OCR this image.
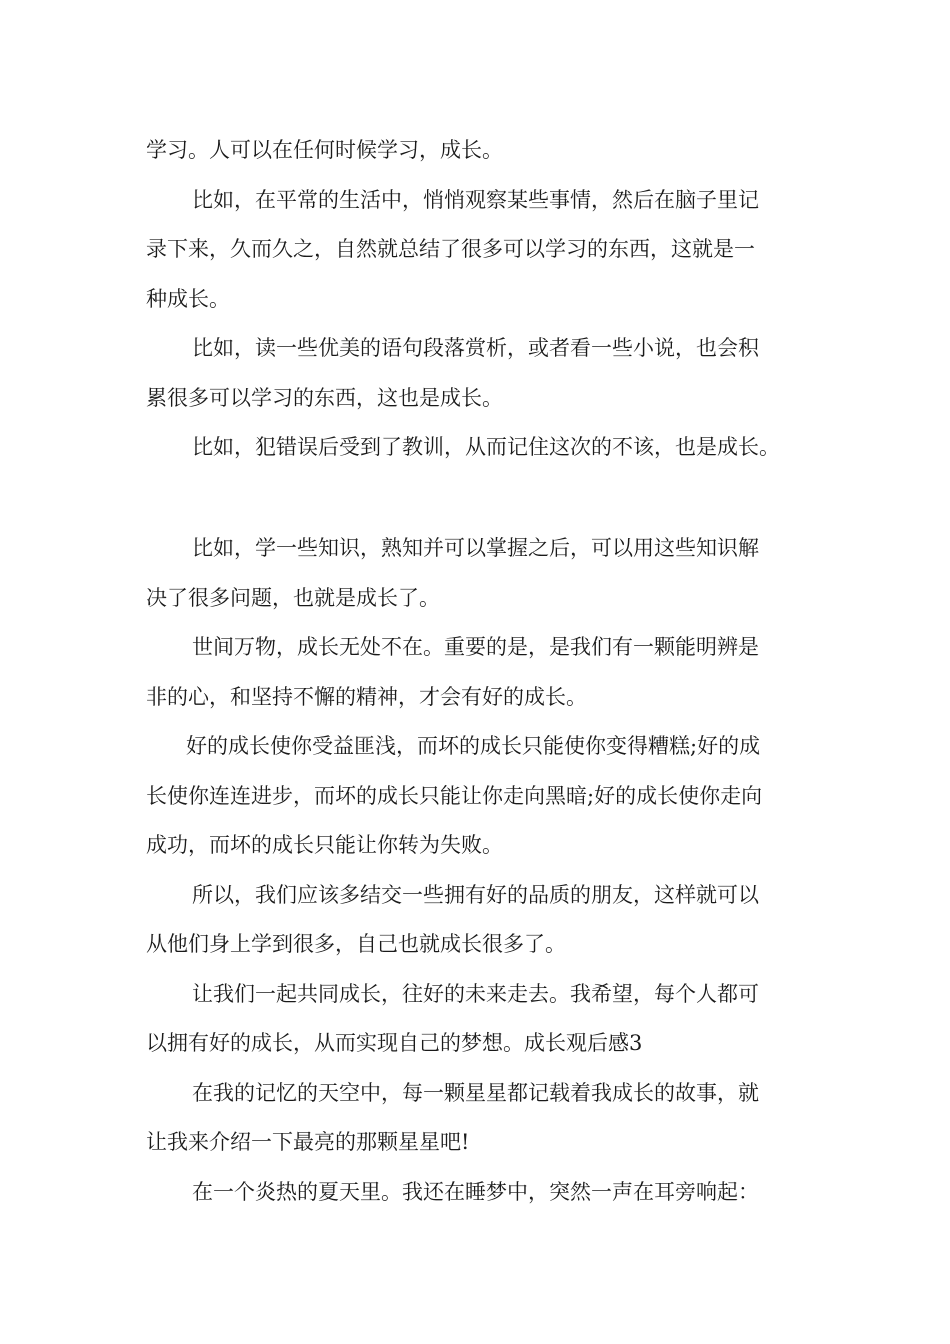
学习。人可以在任何时候学习，成长。
比如，在平常的生活中，悄悄观察某些事情，然后在脑子里记
录下来，久而久之，自然就总结了很多可以学习的东西，这就是一
种成长。
比如，读一些优美的语句段落赏析，或者看一些小说，也会积
累很多可以学习的东西，这也是成长。
比如，犯错误后受到了教训，从而记住这次的不该，也是成长。
比如，学一些知识，熟知并可以掌握之后，可以用这些知识解
决了很多问题，也就是成长了。
世间万物，成长无处不在。重要的是，是我们有一颗能明辨是
非的心，和坚持不懈的精神，才会有好的成长。
好的成长使你受益匪浅，而坏的成长只能使你变得糟糕;好的成
长使你连连进步，而坏的成长只能让你走向黑暗;好的成长使你走向
成功，而坏的成长只能让你转为失败。
所以，我们应该多结交一些拥有好的品质的朋友，这样就可以
从他们身上学到很多，自己也就成长很多了。
让我们一起共同成长，往好的未来走去。我希望，每个人都可
以拥有好的成长，从而实现自己的梦想。成长观后感3
在我的记忆的天空中，每一颗星星都记载着我成长的故事，就
让我来介绍一下最亮的那颗星星吧!
在一个炎热的夏天里。我还在睡梦中，突然一声在耳旁响起：
